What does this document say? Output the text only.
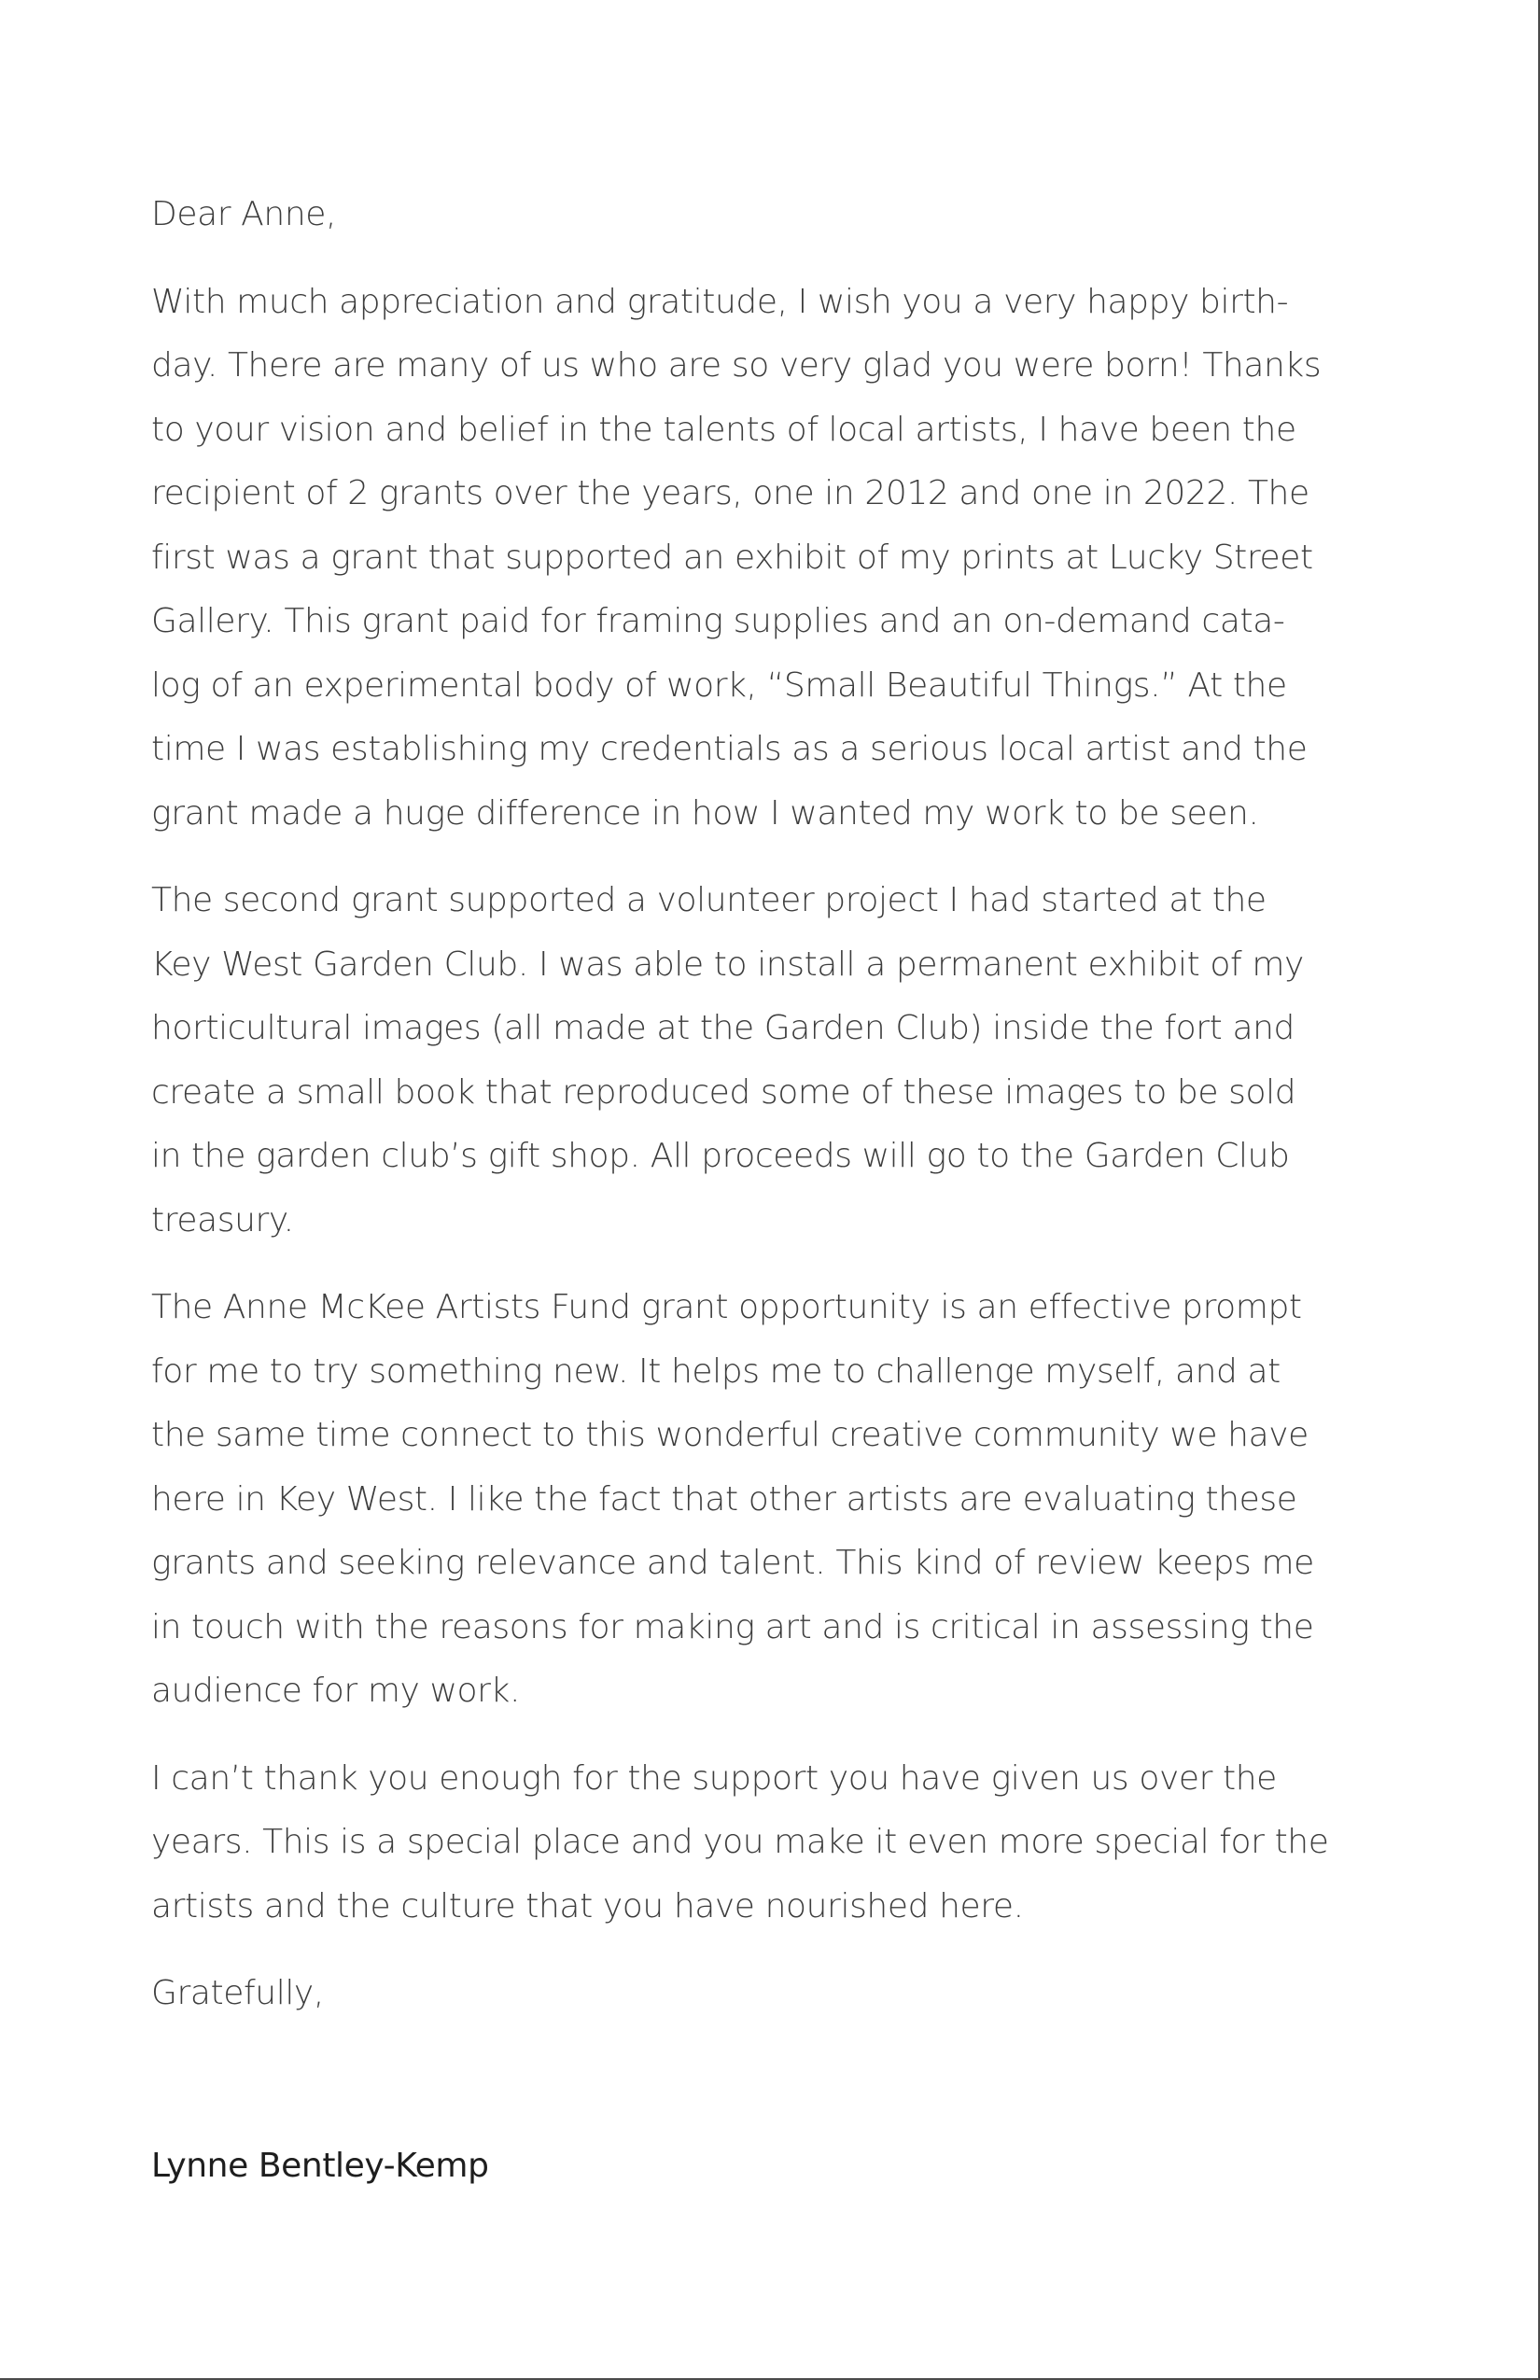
Dear Anne,

With much appreciation and gratitude, I wish you a very happy birth-
day. There are many of us who are so very glad you were born! Thanks
to your vision and belief in the talents of local artists, I have been the
recipient of 2 grants over the years, one in 2012 and one in 2022. The
first was a grant that supported an exhibit of my prints at Lucky Street
Gallery. This grant paid for framing supplies and an on-demand cata-
log of an experimental body of work, “Small Beautiful Things.” At the
time I was establishing my credentials as a serious local artist and the
grant made a huge difference in how I wanted my work to be seen.
The second grant supported a volunteer project I had started at the
Key West Garden Club. I was able to install a permanent exhibit of my
horticultural images (all made at the Garden Club) inside the fort and
create a small book that reproduced some of these images to be sold
in the garden club’s gift shop. All proceeds will go to the Garden Club
treasury.
The Anne McKee Artists Fund grant opportunity is an effective prompt
for me to try something new. It helps me to challenge myself, and at
the same time connect to this wonderful creative community we have
here in Key West. I like the fact that other artists are evaluating these
grants and seeking relevance and talent. This kind of review keeps me
in touch with the reasons for making art and is critical in assessing the
audience for my work.
I can’t thank you enough for the support you have given us over the
years. This is a special place and you make it even more special for the
artists and the culture that you have nourished here.

Gratefully,

Lynne Bentley-Kemp
